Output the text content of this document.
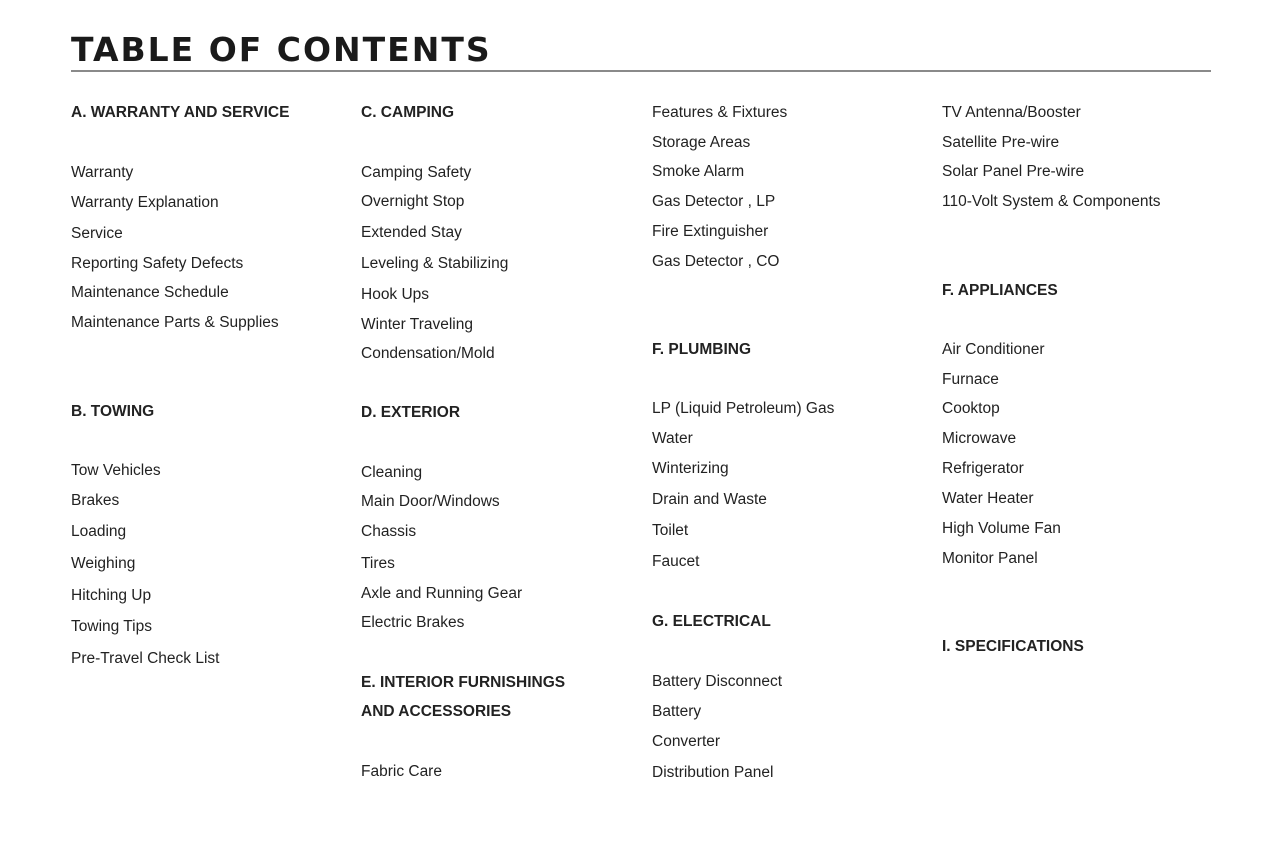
TABLE OF CONTENTS
A. WARRANTY AND SERVICE
Warranty
Warranty Explanation
Service
Reporting Safety Defects
Maintenance Schedule
Maintenance Parts & Supplies
B. TOWING
Tow Vehicles
Brakes
Loading
Weighing
Hitching Up
Towing Tips
Pre-Travel Check List
C. CAMPING
Camping Safety
Overnight Stop
Extended Stay
Leveling & Stabilizing
Hook Ups
Winter Traveling
Condensation/Mold
D. EXTERIOR
Cleaning
Main Door/Windows
Chassis
Tires
Axle and Running Gear
Electric Brakes
E. INTERIOR FURNISHINGS
AND ACCESSORIES
Fabric Care
Features & Fixtures
Storage Areas
Smoke Alarm
Gas Detector , LP
Fire Extinguisher
Gas Detector , CO
F. PLUMBING
LP (Liquid Petroleum) Gas
Water
Winterizing
Drain and Waste
Toilet
Faucet
G. ELECTRICAL
Battery Disconnect
Battery
Converter
Distribution Panel
TV Antenna/Booster
Satellite Pre-wire
Solar Panel Pre-wire
110-Volt System & Components
F. APPLIANCES
Air Conditioner
Furnace
Cooktop
Microwave
Refrigerator
Water Heater
High Volume Fan
Monitor Panel
I. SPECIFICATIONS
